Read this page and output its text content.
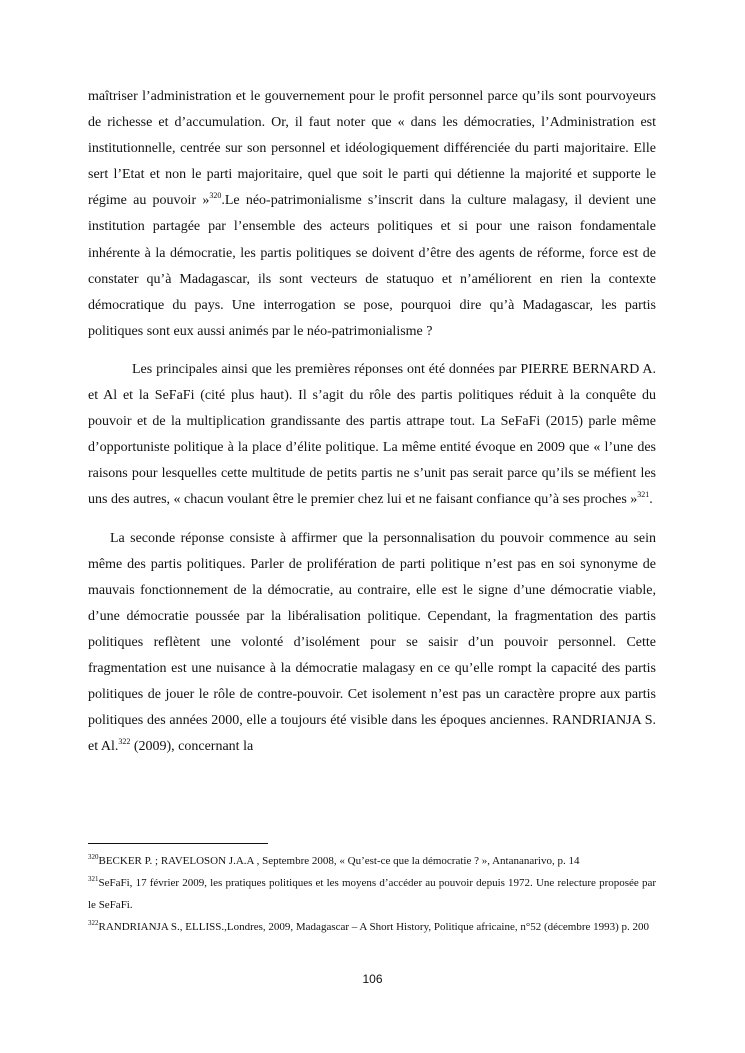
maîtriser l’administration et le gouvernement pour le profit personnel parce qu’ils sont pourvoyeurs de richesse et d’accumulation. Or, il faut noter que « dans les démocraties, l’Administration est institutionnelle, centrée sur son personnel et idéologiquement différenciée du parti majoritaire. Elle sert l’Etat et non le parti majoritaire, quel que soit le parti qui détienne la majorité et supporte le régime au pouvoir »$^{320}$.Le néo-patrimonialisme s’inscrit dans la culture malagasy, il devient une institution partagée par l’ensemble des acteurs politiques et si pour une raison fondamentale inhérente à la démocratie, les partis politiques se doivent d’être des agents de réforme, force est de constater qu’à Madagascar, ils sont vecteurs de statuquo et n’améliorent en rien la contexte démocratique du pays. Une interrogation se pose, pourquoi dire qu’à Madagascar, les partis politiques sont eux aussi animés par le néo-patrimonialisme ?

Les principales ainsi que les premières réponses ont été données par PIERRE BERNARD A. et Al et la SeFaFi (cité plus haut). Il s’agit du rôle des partis politiques réduit à la conquête du pouvoir et de la multiplication grandissante des partis attrape tout. La SeFaFi (2015) parle même d’opportuniste politique à la place d’élite politique. La même entité évoque en 2009 que « l’une des raisons pour lesquelles cette multitude de petits partis ne s’unit pas serait parce qu’ils se méfient les uns des autres, « chacun voulant être le premier chez lui et ne faisant confiance qu’à ses proches »$^{321}$.

La seconde réponse consiste à affirmer que la personnalisation du pouvoir commence au sein même des partis politiques. Parler de prolifération de parti politique n’est pas en soi synonyme de mauvais fonctionnement de la démocratie, au contraire, elle est le signe d’une démocratie viable, d’une démocratie poussée par la libéralisation politique. Cependant, la fragmentation des partis politiques reflètent une volonté d’isolément pour se saisir d’un pouvoir personnel. Cette fragmentation est une nuisance à la démocratie malagasy en ce qu’elle rompt la capacité des partis politiques de jouer le rôle de contre-pouvoir. Cet isolement n’est pas un caractère propre aux partis politiques des années 2000, elle a toujours été visible dans les époques anciennes. RANDRIANJA S. et Al.$^{322}$ (2009), concernant la

$^{320}$BECKER P. ; RAVELOSON J.A.A , Septembre 2008, « Qu’est-ce que la démocratie ? », Antananarivo, p. 14

$^{321}$SeFaFi, 17 février 2009, les pratiques politiques et les moyens d’accéder au pouvoir depuis 1972. Une relecture proposée par le SeFaFi.

$^{322}$RANDRIANJA S., ELLISS.,Londres, 2009, Madagascar – A Short History, Politique africaine, n°52 (décembre 1993) p. 200

106
